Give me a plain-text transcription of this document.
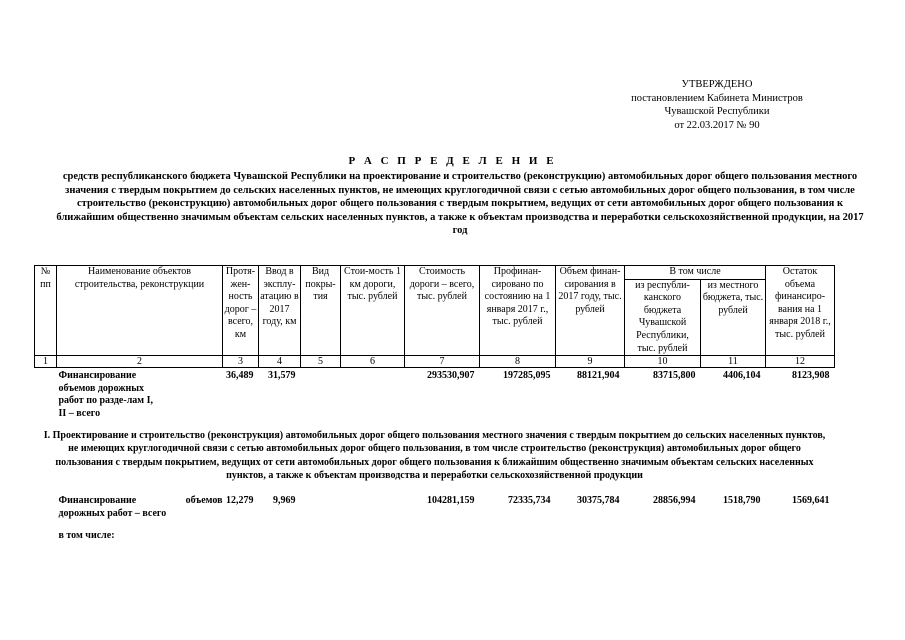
УТВЕРЖДЕНО
постановлением Кабинета Министров
Чувашской Республики
от 22.03.2017 № 90
Р А С П Р Е Д Е Л Е Н И Е
средств республиканского бюджета Чувашской Республики на проектирование и строительство (реконструкцию) автомобильных дорог общего пользования местного значения с твердым покрытием до сельских населенных пунктов, не имеющих круглогодичной связи с сетью автомобильных дорог общего пользования, в том числе строительство (реконструкцию) автомобильных дорог общего пользования с твердым покрытием, ведущих от сети автомобильных дорог общего пользования к ближайшим общественно значимым объектам сельских населенных пунктов, а также к объектам производства и переработки сельскохозяйственной продукции, на 2017 год
№ пп	Наименование объектов строительства, реконструкции	Протя-жен-ность дорог – всего, км	Ввод в эксплу-атацию в 2017 году, км	Вид покры-тия	Стои-мость 1 км дороги, тыс. рублей	Стоимость дороги – всего, тыс. рублей	Профинан-сировано по состоянию на 1 января 2017 г., тыс. рублей	Объем финан-сирования в 2017 году, тыс. рублей	В том числе		Остаток объема финансиро-вания на 1 января 2018 г., тыс. рублей
									из республи-канского бюджета Чувашской Республики, тыс. рублей	из местного бюджета, тыс. рублей	
1	2	3	4	5	6	7	8	9	10	11	12
Финансирование объемов дорожных работ по разде-лам I, II – всего		36,489	31,579			293530,907	197285,095	88121,904	83715,800	4406,104	8123,908
I. Проектирование и строительство (реконструкция) автомобильных дорог общего пользования местного значения с твердым покрытием до сельских населенных пунктов, не имеющих круглогодичной связи с сетью автомобильных дорог общего пользования, в том числе строительство (реконструкция) автомобильных дорог общего пользования с твердым покрытием, ведущих от сети автомобильных дорог общего пользования к ближайшим общественно значимым объектам сельских населенных пунктов, а также к объектам производства и переработки сельскохозяйственной продукции											
Финансирование объемов
дорожных работ – всего		12,279	9,969			104281,159	72335,734	30375,784	28856,994	1518,790	1569,641
в том числе:											
